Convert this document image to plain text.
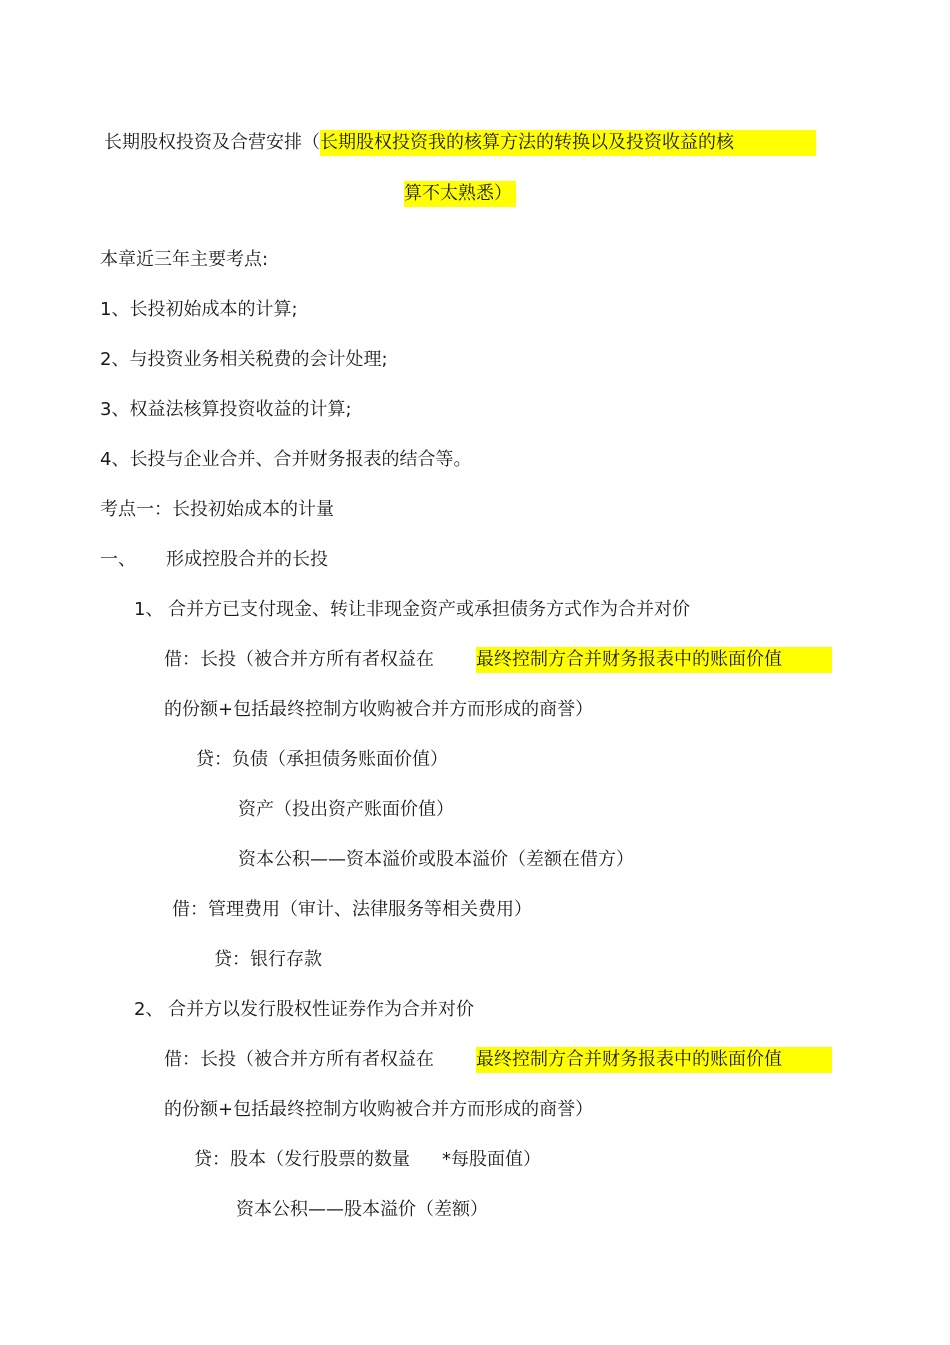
长期股权投资及合营安排（长期股权投资我的核算方法的转换以及投资收益的核
算不太熟悉）
本章近三年主要考点:
1、长投初始成本的计算;
2、与投资业务相关税费的会计处理;
3、权益法核算投资收益的计算;
4、长投与企业合并、合并财务报表的结合等。
考点一：长投初始成本的计量
一、 形成控股合并的长投
1、 合并方已支付现金、转让非现金资产或承担债务方式作为合并对价
借：长投（被合并方所有者权益在 最终控制方合并财务报表中的账面价值
的份额+包括最终控制方收购被合并方而形成的商誉）
贷：负债（承担债务账面价值）
资产（投出资产账面价值）
资本公积——资本溢价或股本溢价（差额在借方）
借：管理费用（审计、法律服务等相关费用）
贷：银行存款
2、 合并方以发行股权性证券作为合并对价
借：长投（被合并方所有者权益在 最终控制方合并财务报表中的账面价值
的份额+包括最终控制方收购被合并方而形成的商誉）
贷：股本（发行股票的数量 *每股面值）
资本公积——股本溢价（差额）
